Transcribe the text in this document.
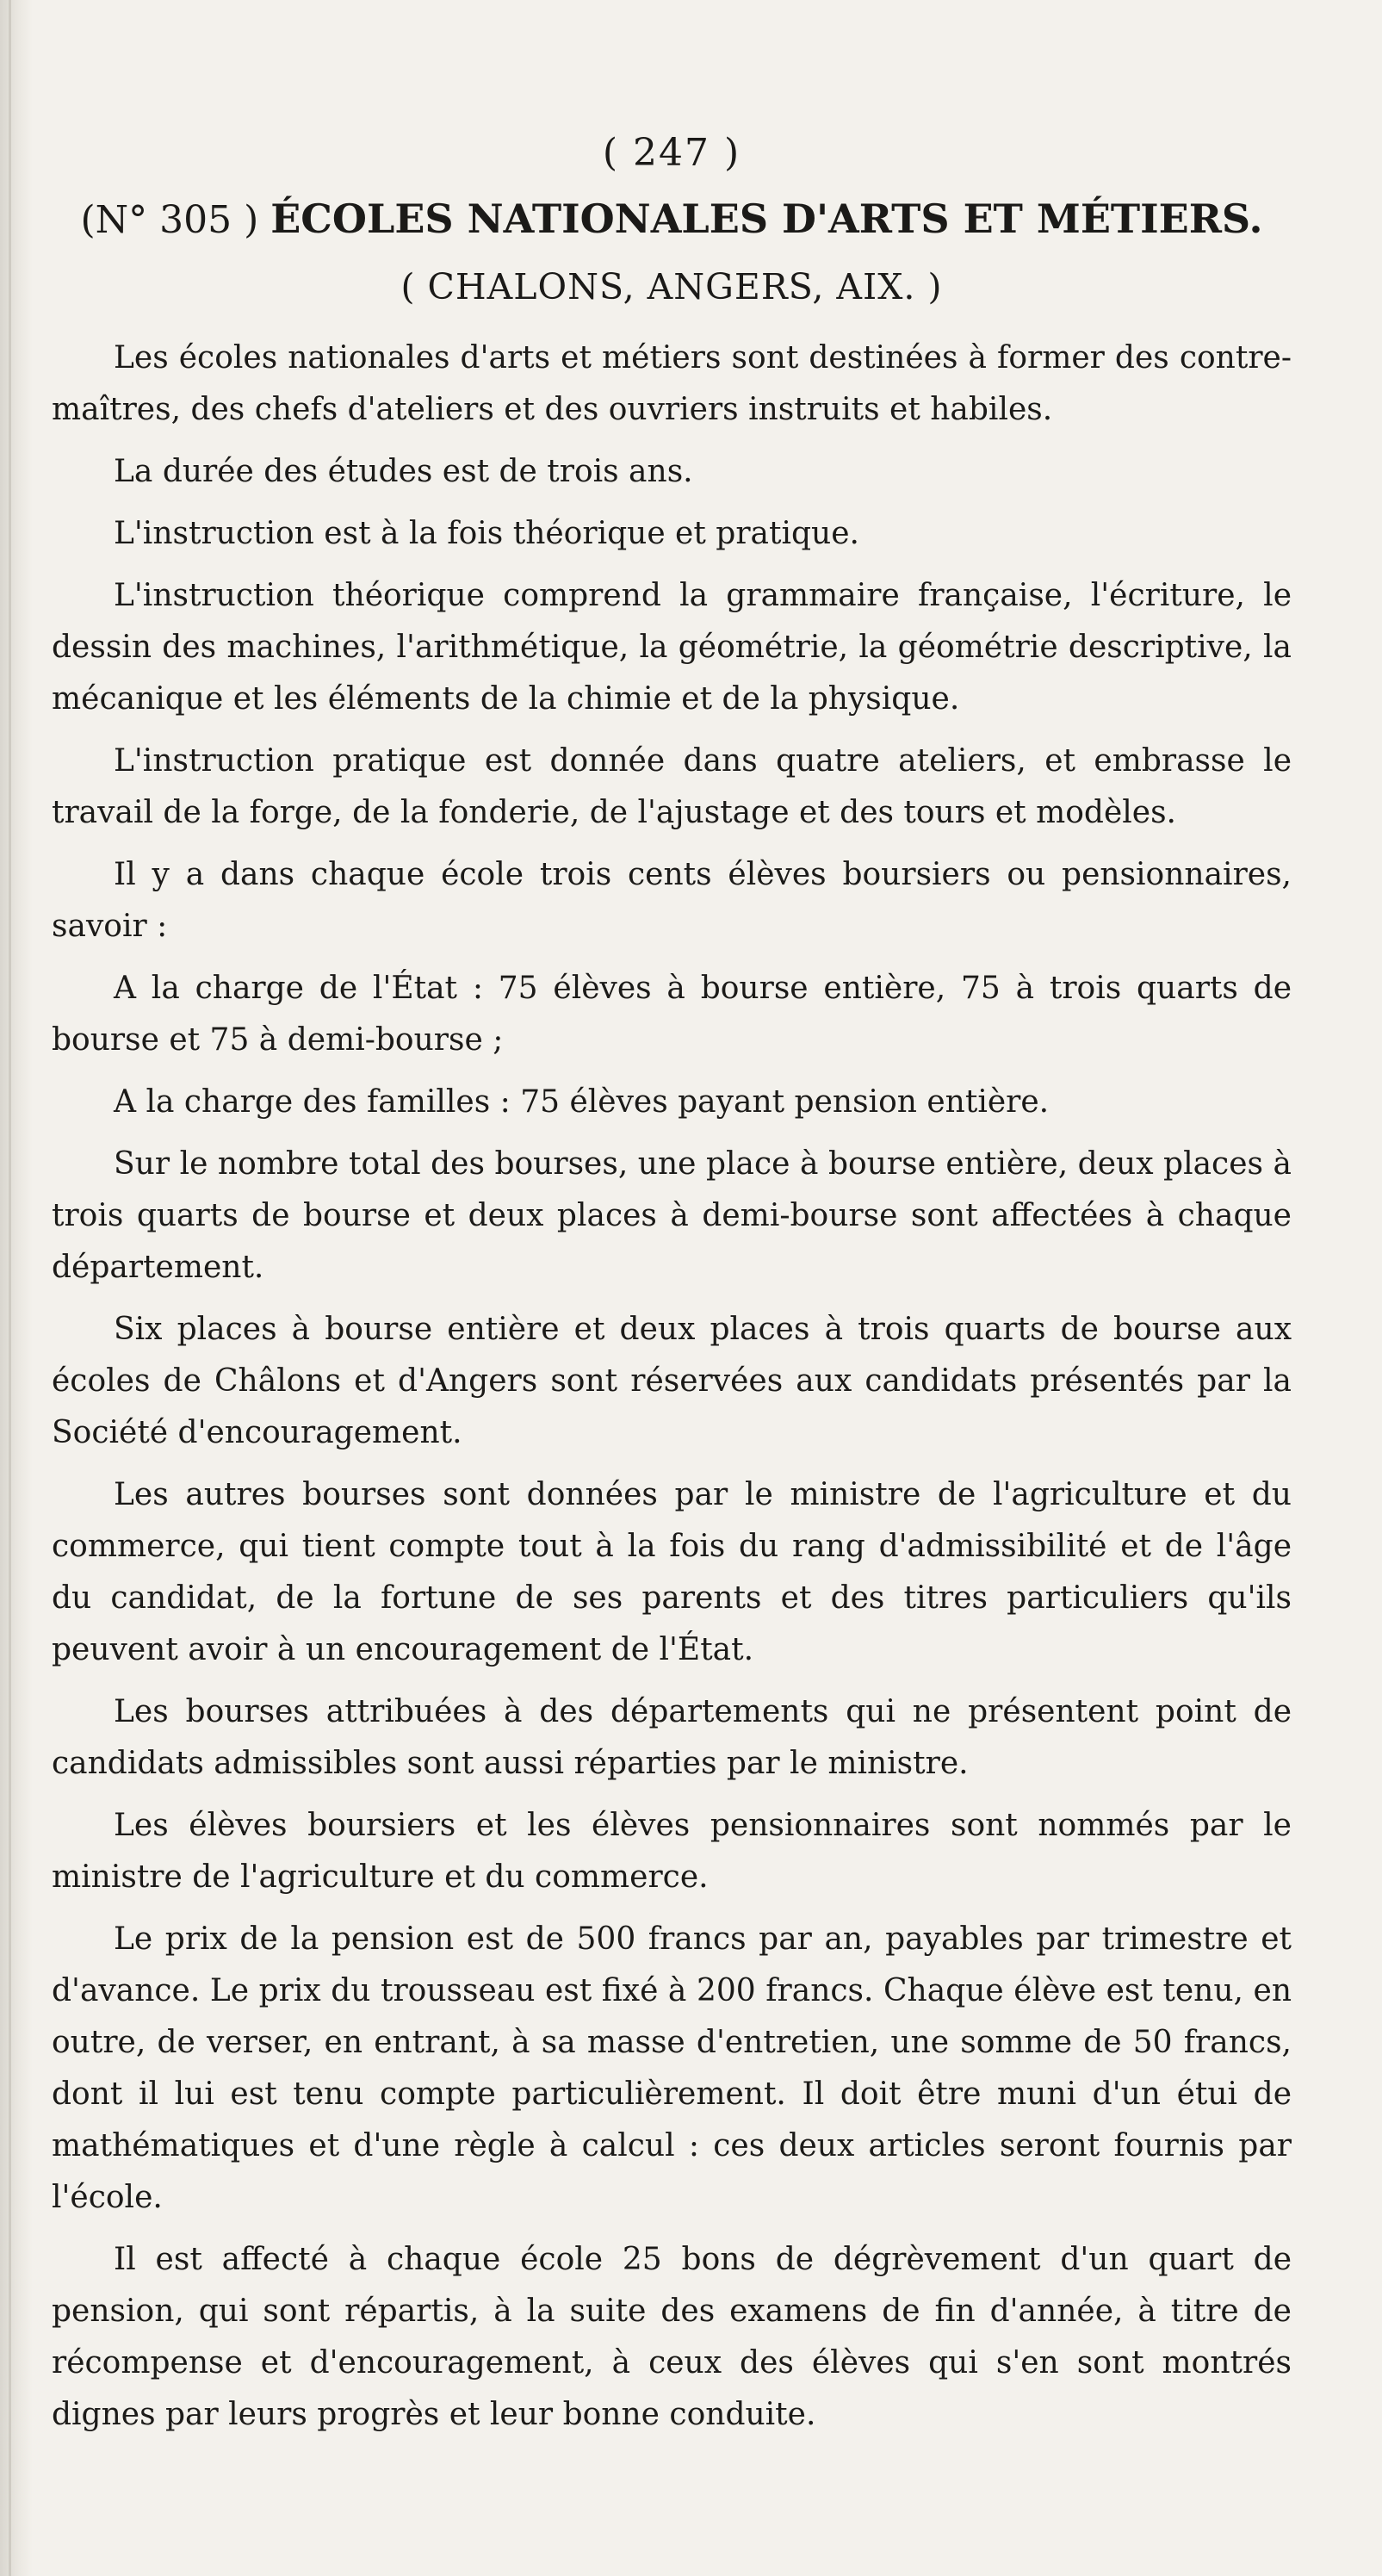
( 247 )
(N° 305 ) ÉCOLES NATIONALES D'ARTS ET MÉTIERS.
( CHALONS, ANGERS, AIX. )

Les écoles nationales d'arts et métiers sont destinées à former des contre-maîtres, des chefs d'ateliers et des ouvriers instruits et habiles.

La durée des études est de trois ans.

L'instruction est à la fois théorique et pratique.

L'instruction théorique comprend la grammaire française, l'écriture, le dessin des machines, l'arithmétique, la géométrie, la géométrie descriptive, la mécanique et les éléments de la chimie et de la physique.

L'instruction pratique est donnée dans quatre ateliers, et embrasse le travail de la forge, de la fonderie, de l'ajustage et des tours et modèles.

Il y a dans chaque école trois cents élèves boursiers ou pensionnaires, savoir :

A la charge de l'État : 75 élèves à bourse entière, 75 à trois quarts de bourse et 75 à demi-bourse ;

A la charge des familles : 75 élèves payant pension entière.

Sur le nombre total des bourses, une place à bourse entière, deux places à trois quarts de bourse et deux places à demi-bourse sont affectées à chaque département.

Six places à bourse entière et deux places à trois quarts de bourse aux écoles de Châlons et d'Angers sont réservées aux candidats présentés par la Société d'encouragement.

Les autres bourses sont données par le ministre de l'agriculture et du commerce, qui tient compte tout à la fois du rang d'admissibilité et de l'âge du candidat, de la fortune de ses parents et des titres particuliers qu'ils peuvent avoir à un encouragement de l'État.

Les bourses attribuées à des départements qui ne présentent point de candidats admissibles sont aussi réparties par le ministre.

Les élèves boursiers et les élèves pensionnaires sont nommés par le ministre de l'agriculture et du commerce.

Le prix de la pension est de 500 francs par an, payables par trimestre et d'avance. Le prix du trousseau est fixé à 200 francs. Chaque élève est tenu, en outre, de verser, en entrant, à sa masse d'entretien, une somme de 50 francs, dont il lui est tenu compte particulièrement. Il doit être muni d'un étui de mathématiques et d'une règle à calcul : ces deux articles seront fournis par l'école.

Il est affecté à chaque école 25 bons de dégrèvement d'un quart de pension, qui sont répartis, à la suite des examens de fin d'année, à titre de récompense et d'encouragement, à ceux des élèves qui s'en sont montrés dignes par leurs progrès et leur bonne conduite.
